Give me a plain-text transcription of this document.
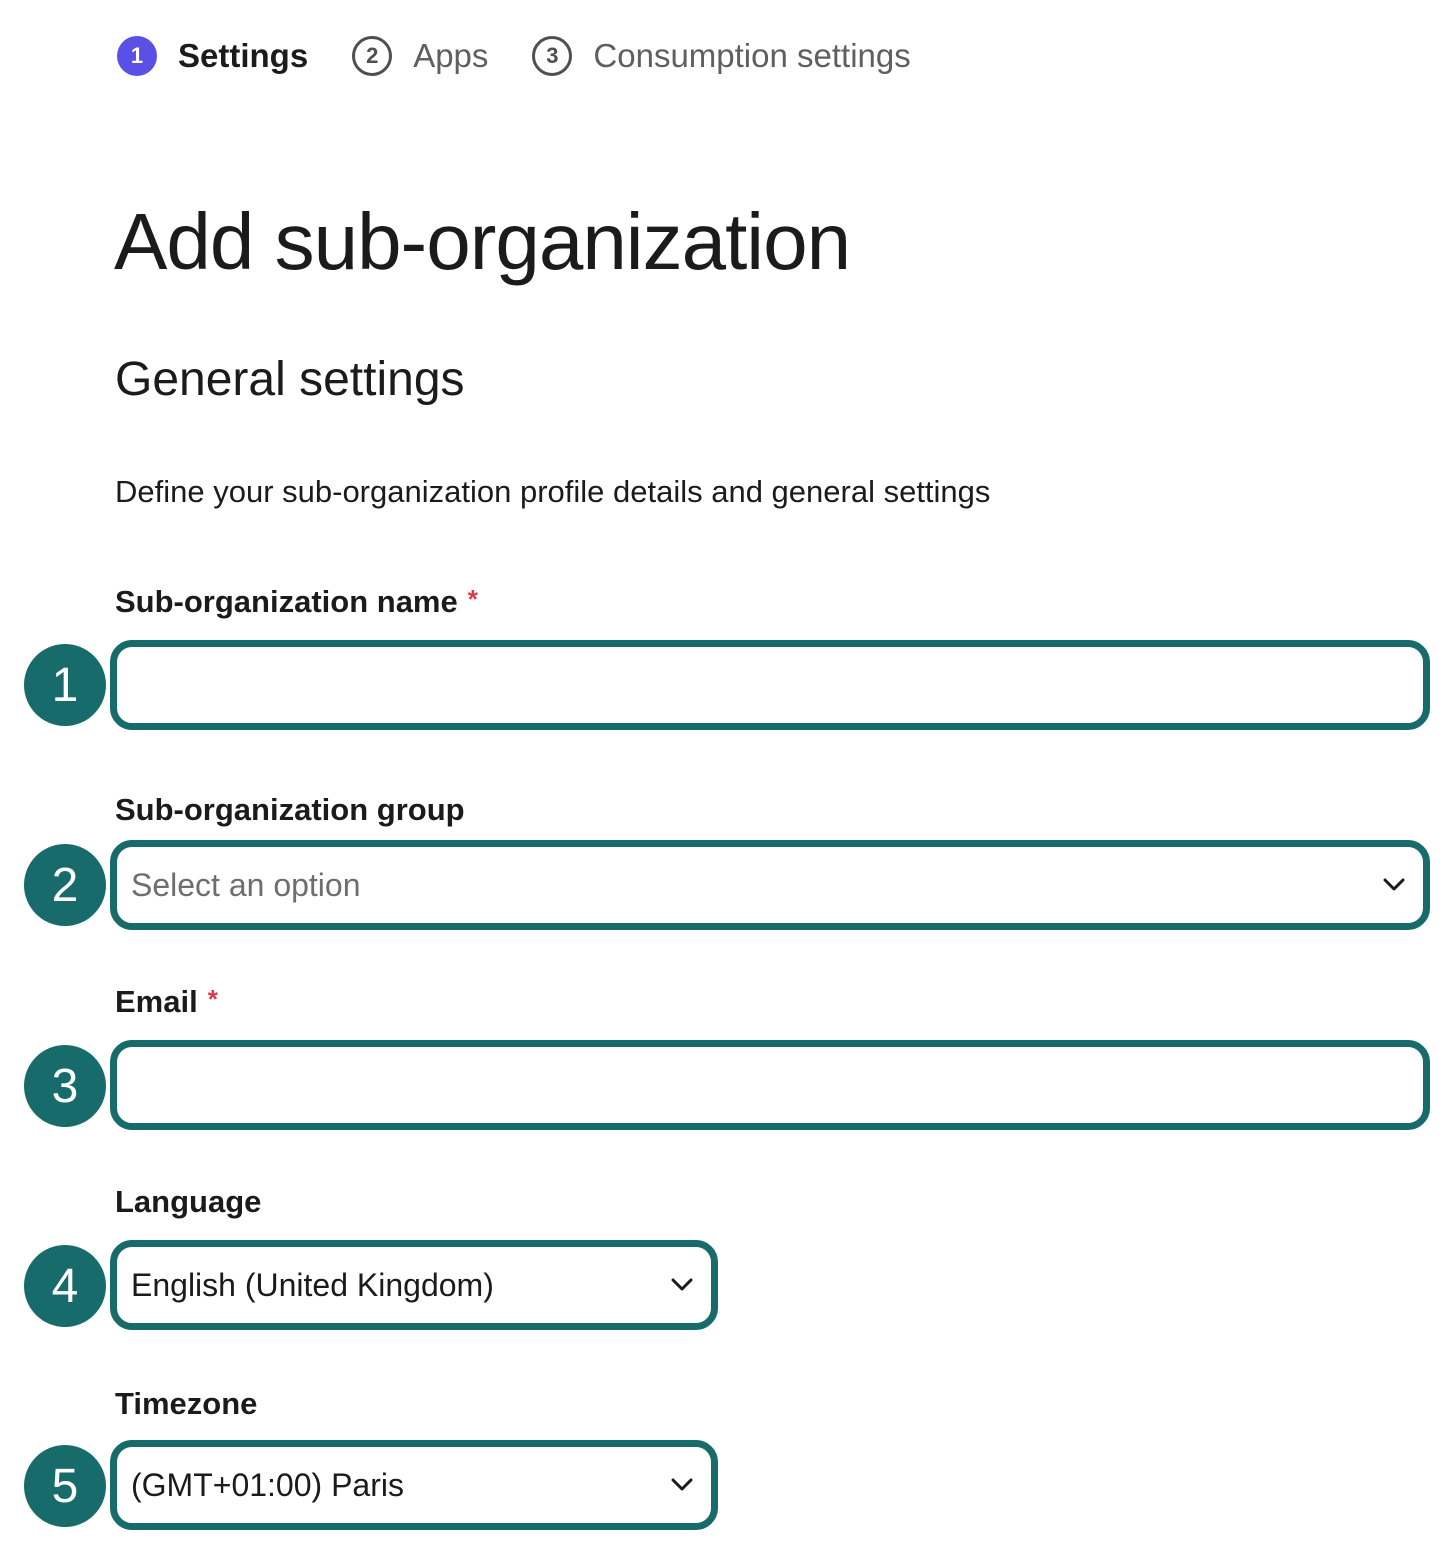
1	Settings	2	Apps	3	Consumption settings
Add sub-organization
General settings

Define your sub-organization profile details and general settings

Sub-organization name *
1
Sub-organization group
2	Select an option
Email *
3
Language
4	English (United Kingdom)
Timezone
5	(GMT+01:00) Paris
